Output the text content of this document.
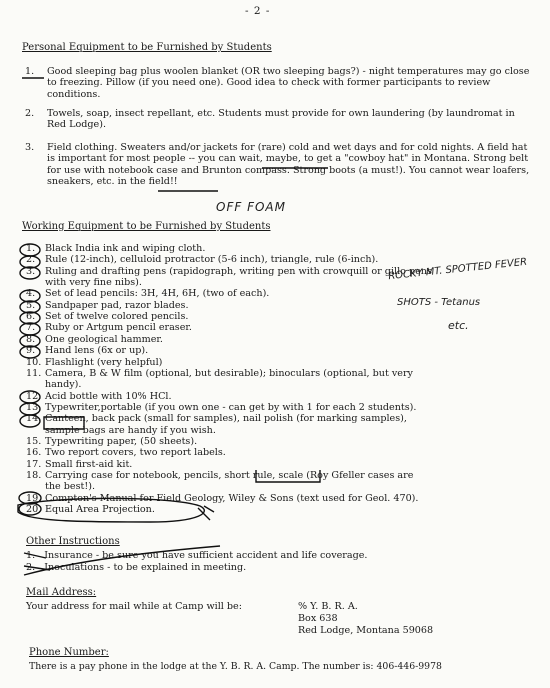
- 2 -
Personal Equipment to be Furnished by Students
1. Good sleeping bag plus woolen blanket (OR two sleeping bags?) - night temperatures may go close to freezing. Pillow (if you need one). Good idea to check with former participants to review conditions.
2. Towels, soap, insect repellant, etc. Students must provide for own laundering (by laundromat in Red Lodge).
3. Field clothing. Sweaters and/or jackets for (rare) cold and wet days and for cold nights. A field hat is important for most people -- you can wait, maybe, to get a "cowboy hat" in Montana. Strong belt for use with notebook case and Brunton compass. Strong boots (a must!). You cannot wear loafers, sneakers, etc. in the field!!
OFF FOAM
Working Equipment to be Furnished by Students
1. Black India ink and wiping cloth.
2. Rule (12-inch), celluloid protractor (5-6 inch), triangle, rule (6-inch).
3. Ruling and drafting pens (rapidograph, writing pen with crowquill or gillo pens
with very fine nibs).
4. Set of lead pencils: 3H, 4H, 6H, (two of each).
5. Sandpaper pad, razor blades.
6. Set of twelve colored pencils.
7. Ruby or Artgum pencil eraser.
8. One geological hammer.
9. Hand lens (6x or up).
10. Flashlight (very helpful)
11. Camera, B & W film (optional, but desirable); binoculars (optional, but very
handy).
12. Acid bottle with 10% HCl.
13. Typewriter,portable (if you own one - can get by with 1 for each 2 students).
14. Canteen, back pack (small for samples), nail polish (for marking samples),
sample bags are handy if you wish.
15. Typewriting paper, (50 sheets).
16. Two report covers, two report labels.
17. Small first-aid kit.
18. Carrying case for notebook, pencils, short rule, scale (Roy Gfeller cases are
the best!).
19. Compton's Manual for Field Geology, Wiley & Sons (text used for Geol. 470).
20. Equal Area Projection.
ROCKY MT. SPOTTED FEVER
SHOTS - Tetanus
etc.
Other Instructions
1. Insurance - be sure you have sufficient accident and life coverage.
2. Inoculations - to be explained in meeting.
Mail Address:
Your address for mail while at Camp will be:	% Y. B. R. A.
Box 638
Red Lodge, Montana 59068
Phone Number:
There is a pay phone in the lodge at the Y. B. R. A. Camp. The number is: 406-446-9978
